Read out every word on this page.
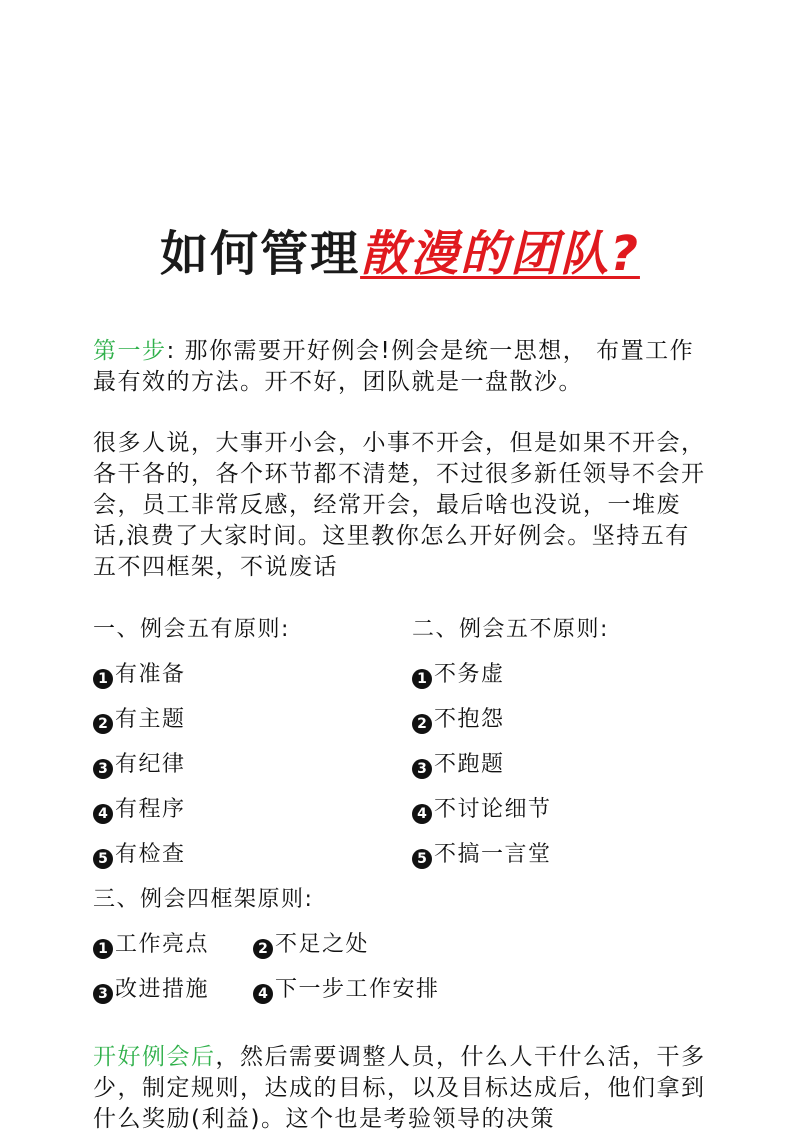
如何管理散漫的团队?

第一步: 那你需要开好例会!例会是统一思想， 布置工作最有效的方法。开不好，团队就是一盘散沙。

很多人说，大事开小会，小事不开会，但是如果不开会，各干各的，各个环节都不清楚，不过很多新任领导不会开会，员工非常反感，经常开会，最后啥也没说，一堆废话,浪费了大家时间。这里教你怎么开好例会。坚持五有五不四框架，不说废话

一、例会五有原则:
1 有准备
2 有主题
3 有纪律
4 有程序
5 有检查
二、例会五不原则:
1 不务虚
2 不抱怨
3 不跑题
4 不讨论细节
5 不搞一言堂
三、例会四框架原则:
1 工作亮点	2 不足之处
3 改进措施	4 下一步工作安排

开好例会后，然后需要调整人员，什么人干什么活，干多少，制定规则，达成的目标，以及目标达成后，他们拿到什么奖励(利益)。这个也是考验领导的决策
